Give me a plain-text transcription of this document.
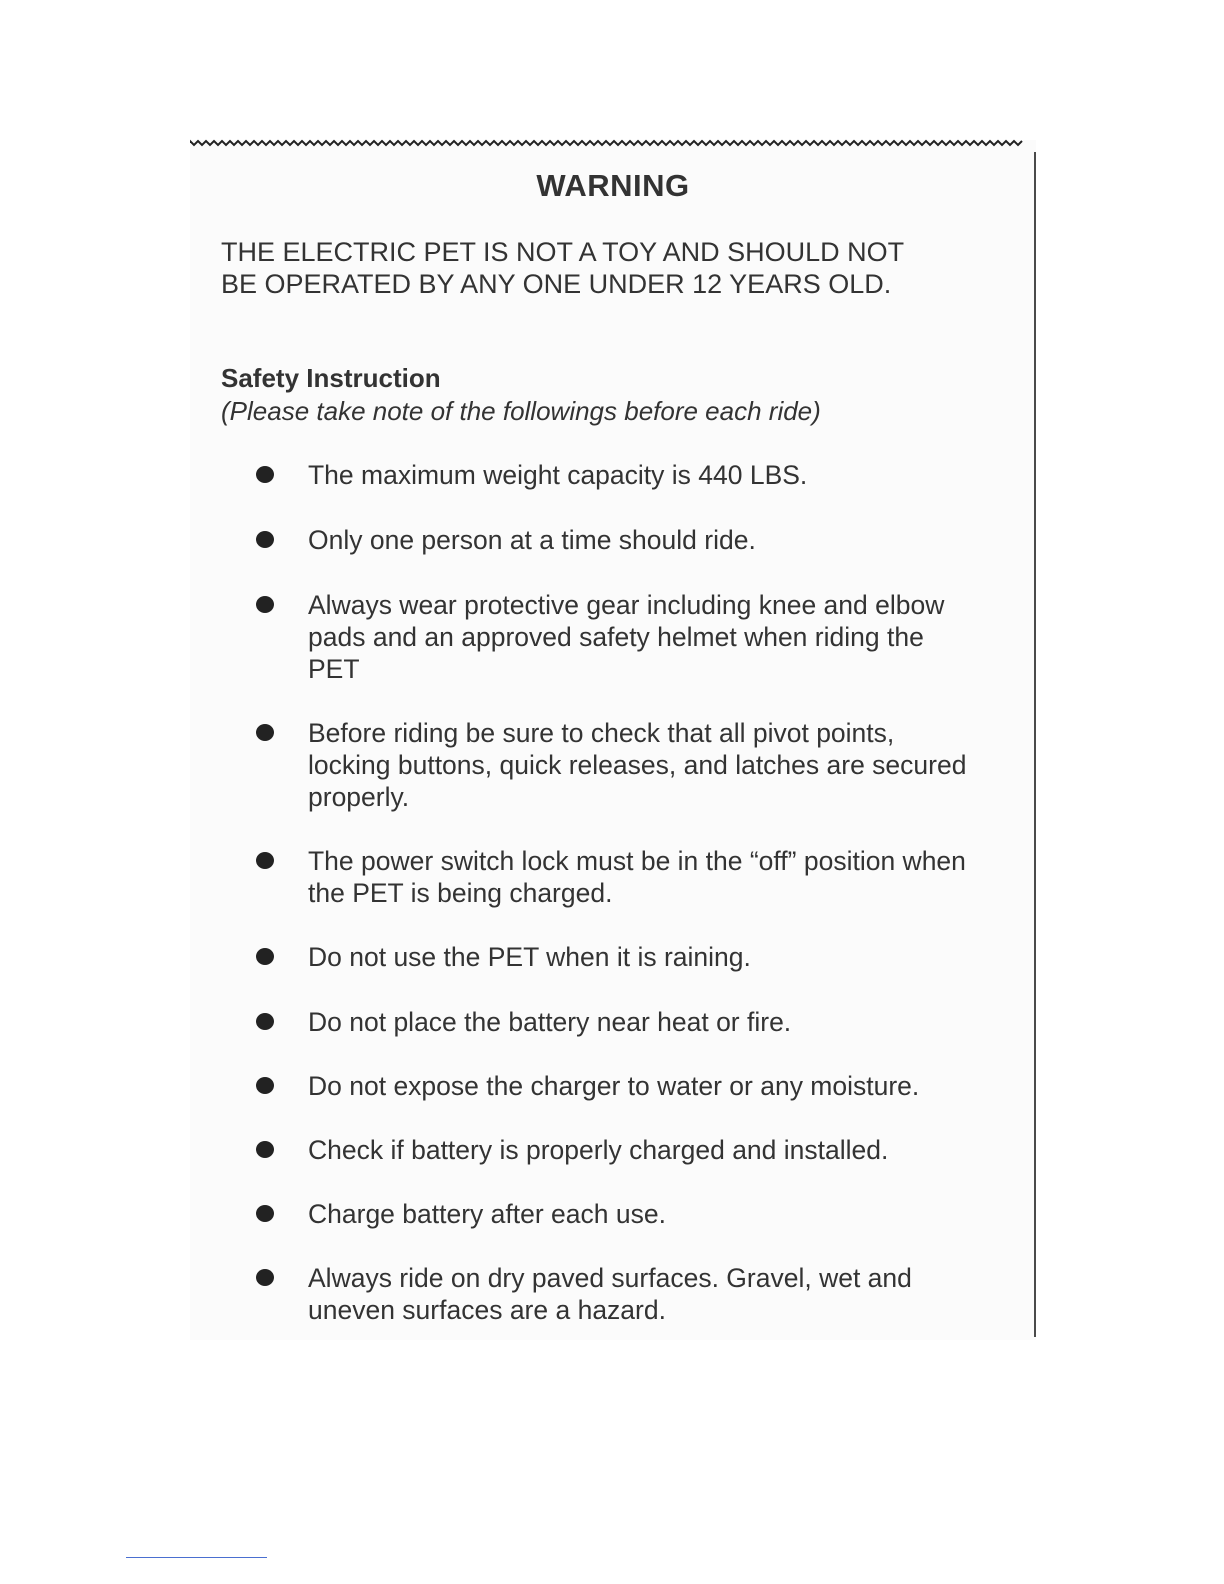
WARNING
THE ELECTRIC PET IS NOT A TOY AND SHOULD NOT BE OPERATED BY ANY ONE UNDER 12 YEARS OLD.
Safety Instruction
(Please take note of the followings before each ride)
The maximum weight capacity is 440 LBS.
Only one person at a time should ride.
Always wear protective gear including knee and elbow pads and an approved safety helmet when riding the PET
Before riding be sure to check that all pivot points, locking buttons, quick releases, and latches are secured properly.
The power switch lock must be in the “off” position when the PET is being charged.
Do not use the PET when it is raining.
Do not place the battery near heat or fire.
Do not expose the charger to water or any moisture.
Check if battery is properly charged and installed.
Charge battery after each use.
Always ride on dry paved surfaces. Gravel, wet and uneven surfaces are a hazard.
